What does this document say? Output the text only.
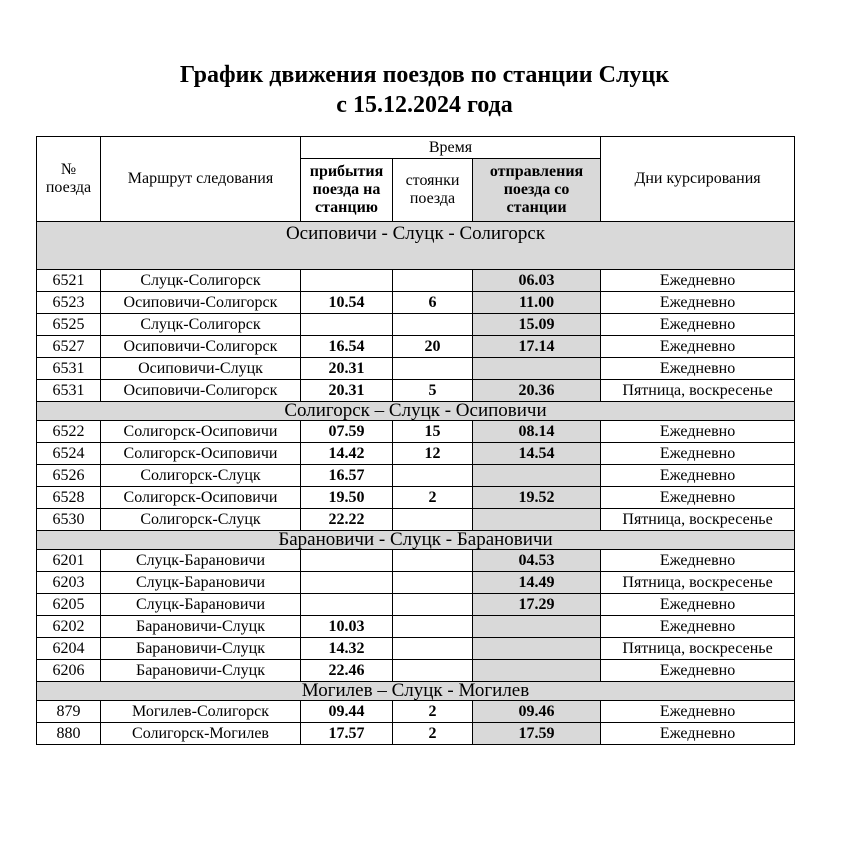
График движения поездов по станции Слуцк
с 15.12.2024 года
№ поезда	Маршрут следования	Время			Дни курсирования
		прибытия поезда на станцию	стоянки поезда	отправления поезда со станции	
Осиповичи - Слуцк - Солигорск					
6521	Слуцк-Солигорск			06.03	Ежедневно
6523	Осиповичи-Солигорск	10.54	6	11.00	Ежедневно
6525	Слуцк-Солигорск			15.09	Ежедневно
6527	Осиповичи-Солигорск	16.54	20	17.14	Ежедневно
6531	Осиповичи-Слуцк	20.31			Ежедневно
6531	Осиповичи-Солигорск	20.31	5	20.36	Пятница, воскресенье
Солигорск – Слуцк - Осиповичи					
6522	Солигорск-Осиповичи	07.59	15	08.14	Ежедневно
6524	Солигорск-Осиповичи	14.42	12	14.54	Ежедневно
6526	Солигорск-Слуцк	16.57			Ежедневно
6528	Солигорск-Осиповичи	19.50	2	19.52	Ежедневно
6530	Солигорск-Слуцк	22.22			Пятница, воскресенье
Барановичи - Слуцк - Барановичи					
6201	Слуцк-Барановичи			04.53	Ежедневно
6203	Слуцк-Барановичи			14.49	Пятница, воскресенье
6205	Слуцк-Барановичи			17.29	Ежедневно
6202	Барановичи-Слуцк	10.03			Ежедневно
6204	Барановичи-Слуцк	14.32			Пятница, воскресенье
6206	Барановичи-Слуцк	22.46			Ежедневно
Могилев – Слуцк - Могилев					
879	Могилев-Солигорск	09.44	2	09.46	Ежедневно
880	Солигорск-Могилев	17.57	2	17.59	Ежедневно
